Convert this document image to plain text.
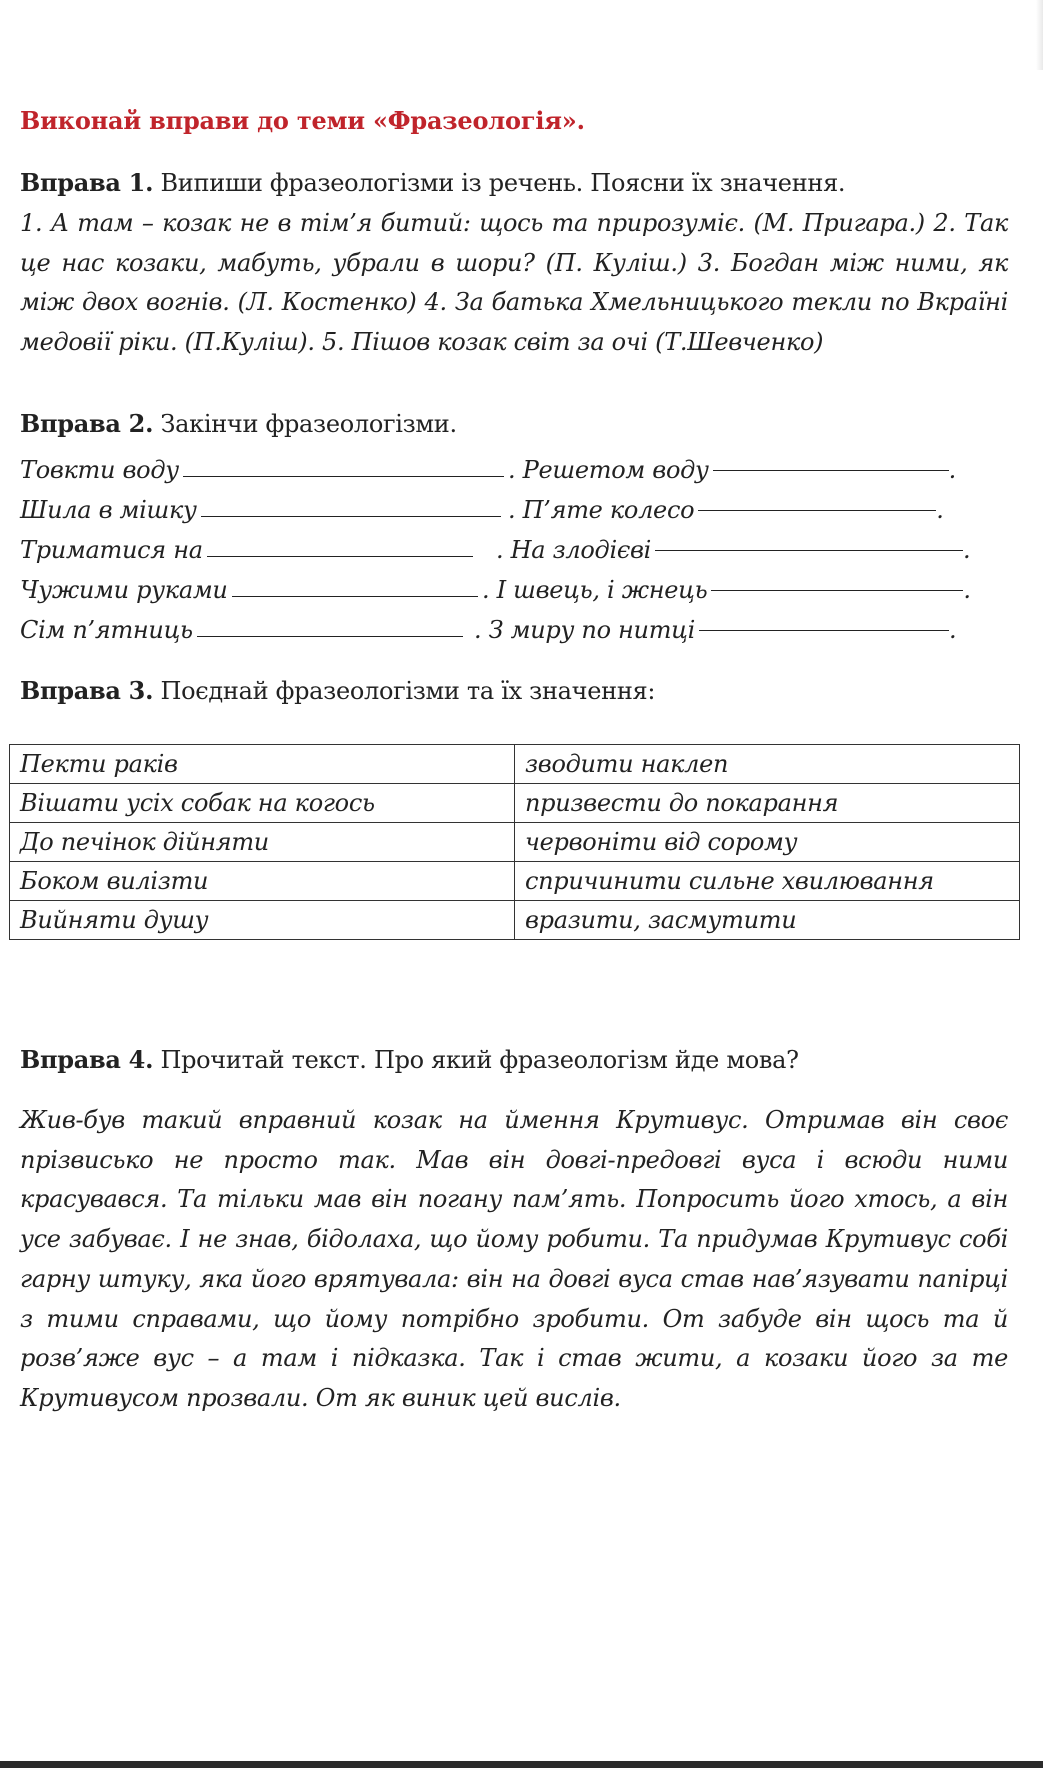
Виконай вправи до теми «Фразеологія».

Вправа 1. Випиши фразеологізми із речень. Поясни їх значення.

1. А там – козак не в тім’я битий: щось та прирозуміє. (М. Пригара.) 2. Так це нас козаки, мабуть, убрали в шори? (П. Куліш.) 3. Богдан між ними, як між двох вогнів. (Л. Костенко) 4. За батька Хмельницького текли по Вкраїні медовії ріки. (П.Куліш). 5. Пішов козак світ за очі (Т.Шевченко)

Вправа 2. Закінчи фразеологізми.

Товкти воду	. Решетом воду	.
Шила в мішку	. П’яте колесо	.
Триматися на	. На злодієві	.
Чужими руками	. І швець, і жнець	.
Сім п’ятниць	. З миру по нитці	.

Вправа 3. Поєднай фразеологізми та їх значення:

Пекти раків	зводити наклеп
Вішати усіх собак на когось	призвести до покарання
До печінок дійняти	червоніти від сорому
Боком вилізти	спричинити сильне хвилювання
Вийняти душу	вразити, засмутити

Вправа 4. Прочитай текст. Про який фразеологізм йде мова?

Жив-був такий вправний козак на ймення Крутивус. Отримав він своє прізвисько не просто так. Мав він довгі-предовгі вуса і всюди ними красувався. Та тільки мав він погану пам’ять. Попросить його хтось, а він усе забуває. І не знав, бідолаха, що йому робити. Та придумав Крутивус собі гарну штуку, яка його врятувала: він на довгі вуса став нав’язувати папірці з тими справами, що йому потрібно зробити. От забуде він щось та й розв’яже вус – а там і підказка. Так і став жити, а козаки його за те Крутивусом прозвали. От як виник цей вислів.
